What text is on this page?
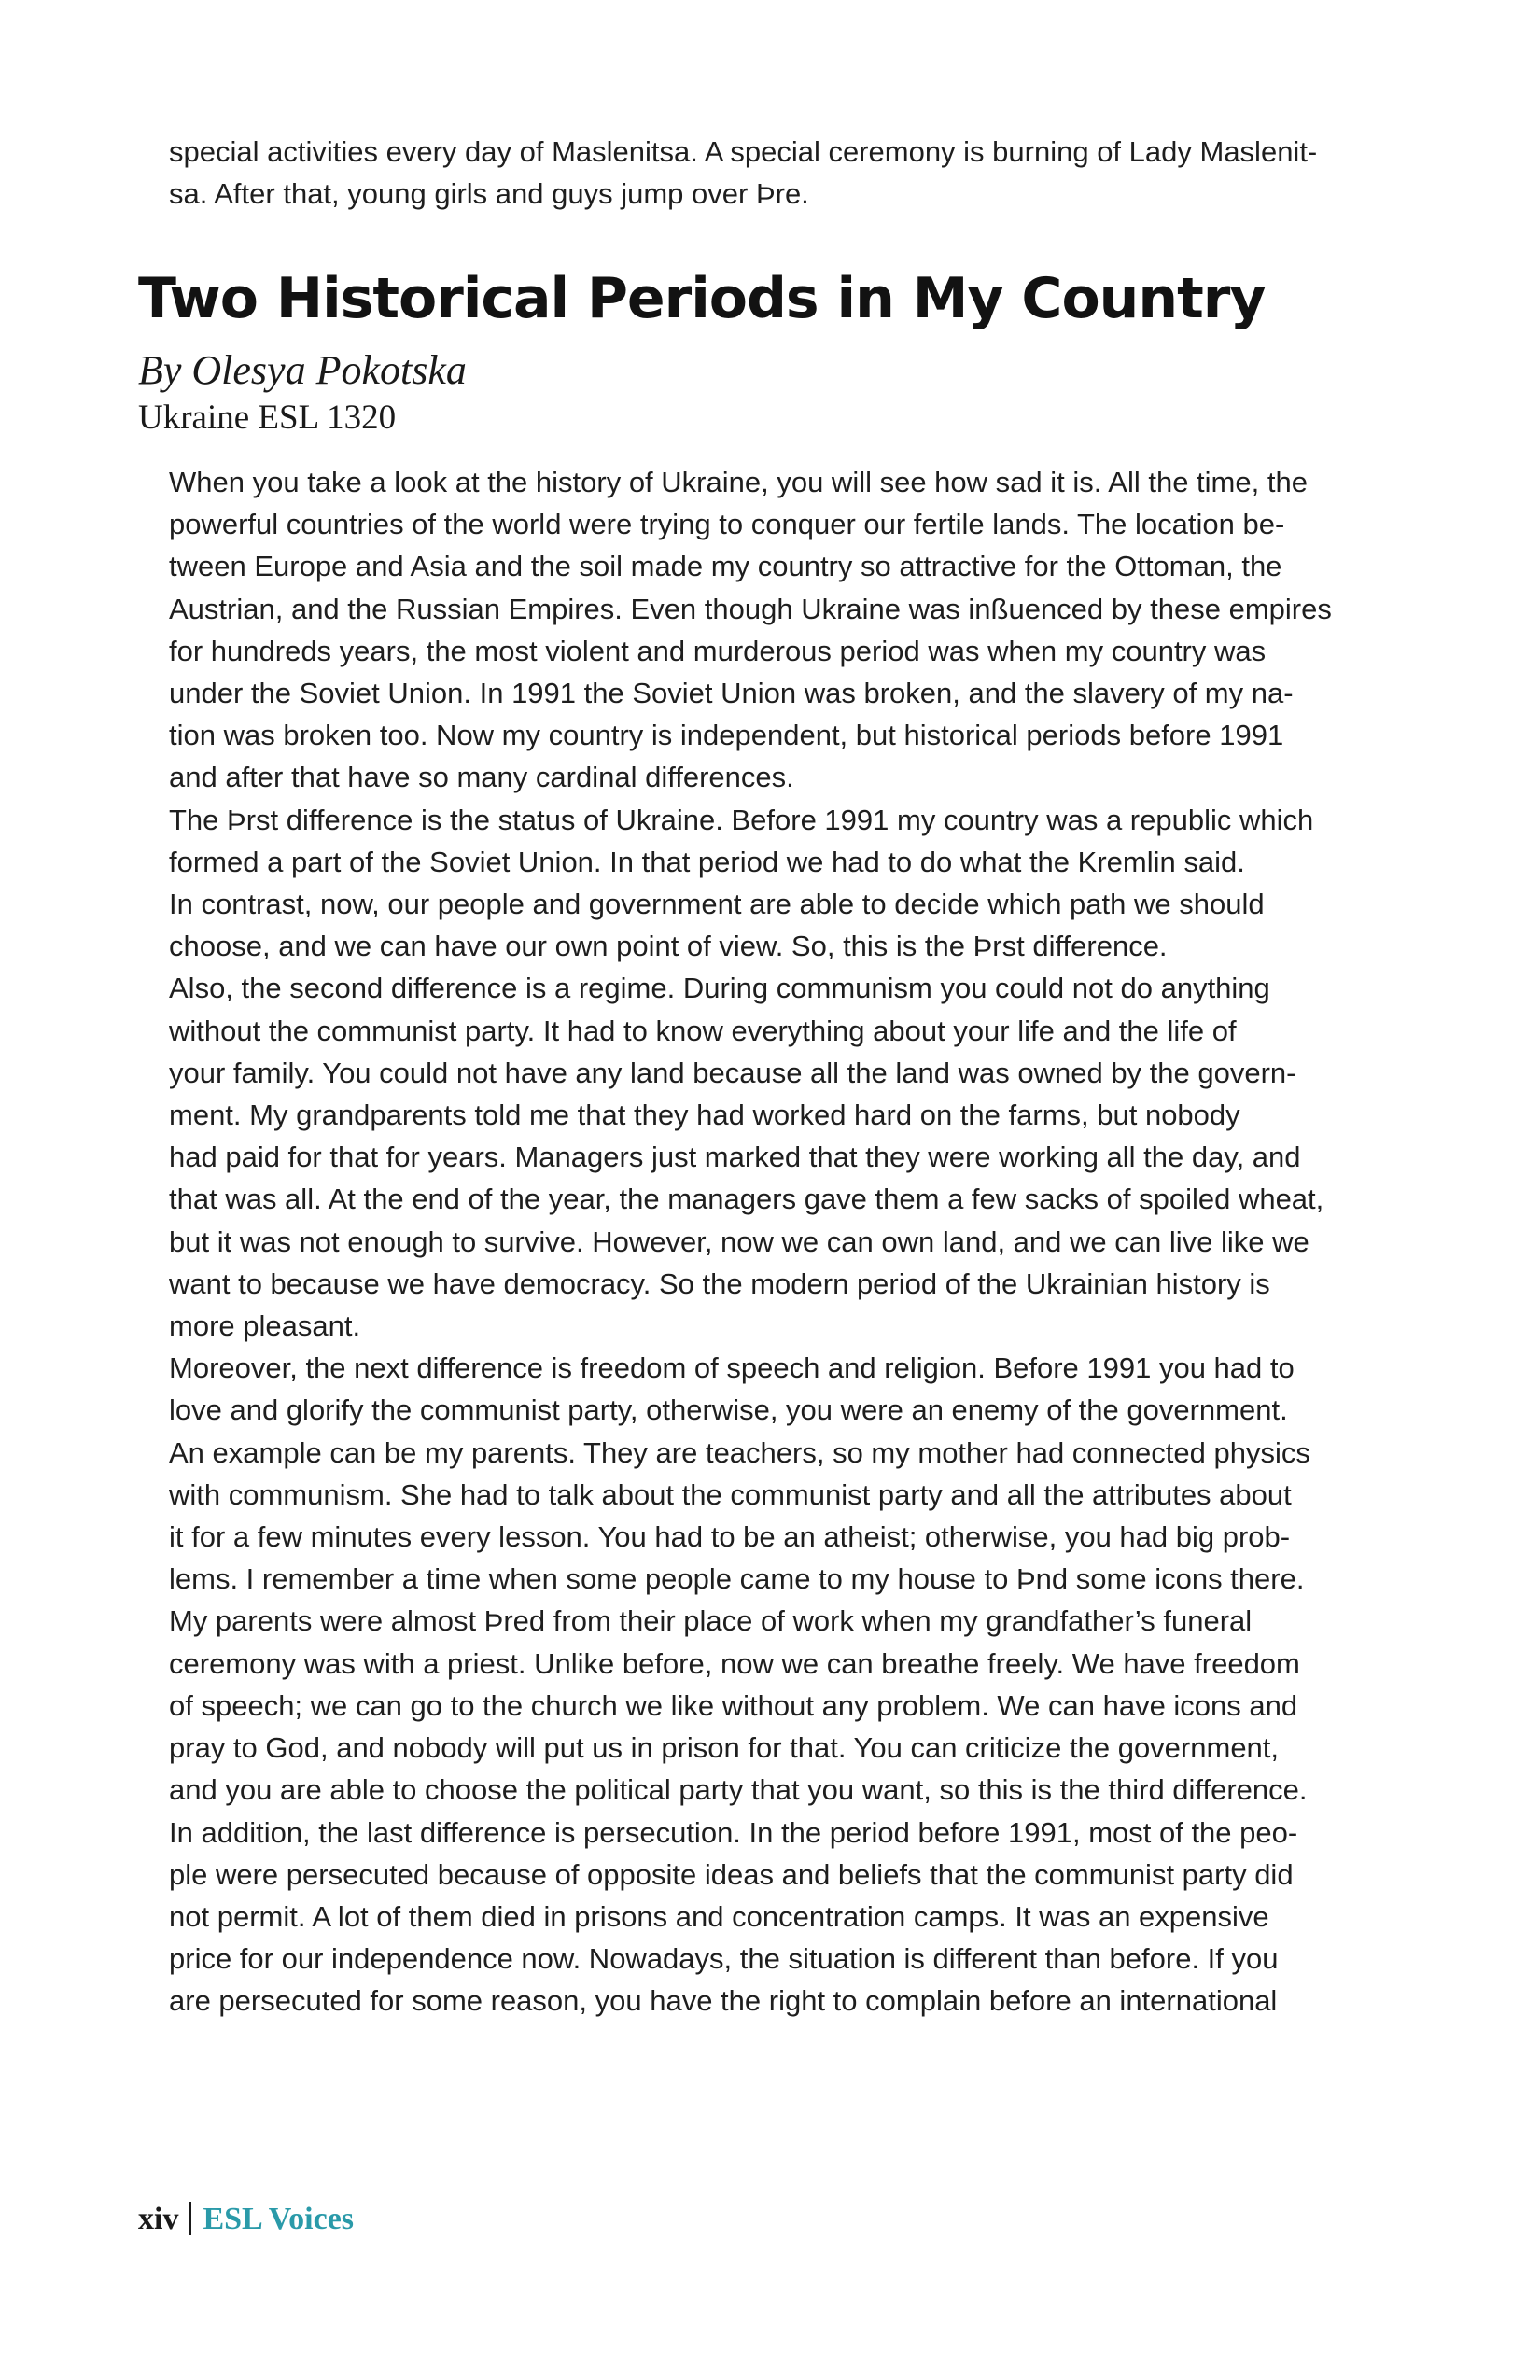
special activities every day of Maslenitsa. A special ceremony is burning of Lady Maslenit-
sa. After that, young girls and guys jump over Þre.
Two Historical Periods in My Country
By Olesya Pokotska
Ukraine ESL 1320
When you take a look at the history of Ukraine, you will see how sad it is. All the time, the
powerful countries of the world were trying to conquer our fertile lands. The location be-
tween Europe and Asia and the soil made my country so attractive for the Ottoman, the
Austrian, and the Russian Empires. Even though Ukraine was inßuenced by these empires
for hundreds years, the most violent and murderous period was when my country was
under the Soviet Union. In 1991 the Soviet Union was broken, and the slavery of my na-
tion was broken too. Now my country is independent, but historical periods before 1991
and after that have so many cardinal differences.
The Þrst difference is the status of Ukraine. Before 1991 my country was a republic which
formed a part of the Soviet Union. In that period we had to do what the Kremlin said.
In contrast, now, our people and government are able to decide which path we should
choose, and we can have our own point of view. So, this is the Þrst difference.
Also, the second difference is a regime. During communism you could not do anything
without the communist party. It had to know everything about your life and the life of
your family. You could not have any land because all the land was owned by the govern-
ment. My grandparents told me that they had worked hard on the farms, but nobody
had paid for that for years. Managers just marked that they were working all the day, and
that was all. At the end of the year, the managers gave them a few sacks of spoiled wheat,
but it was not enough to survive. However, now we can own land, and we can live like we
want to because we have democracy. So the modern period of the Ukrainian history is
more pleasant.
Moreover, the next difference is freedom of speech and religion. Before 1991 you had to
love and glorify the communist party, otherwise, you were an enemy of the government.
An example can be my parents. They are teachers, so my mother had connected physics
with communism. She had to talk about the communist party and all the attributes about
it for a few minutes every lesson. You had to be an atheist; otherwise, you had big prob-
lems. I remember a time when some people came to my house to Þnd some icons there.
My parents were almost Þred from their place of work when my grandfather’s funeral
ceremony was with a priest. Unlike before, now we can breathe freely. We have freedom
of speech; we can go to the church we like without any problem. We can have icons and
pray to God, and nobody will put us in prison for that. You can criticize the government,
and you are able to choose the political party that you want, so this is the third difference.
In addition, the last difference is persecution. In the period before 1991, most of the peo-
ple were persecuted because of opposite ideas and beliefs that the communist party did
not permit. A lot of them died in prisons and concentration camps. It was an expensive
price for our independence now. Nowadays, the situation is different than before. If you
are persecuted for some reason, you have the right to complain before an international
xiv ESL Voices
